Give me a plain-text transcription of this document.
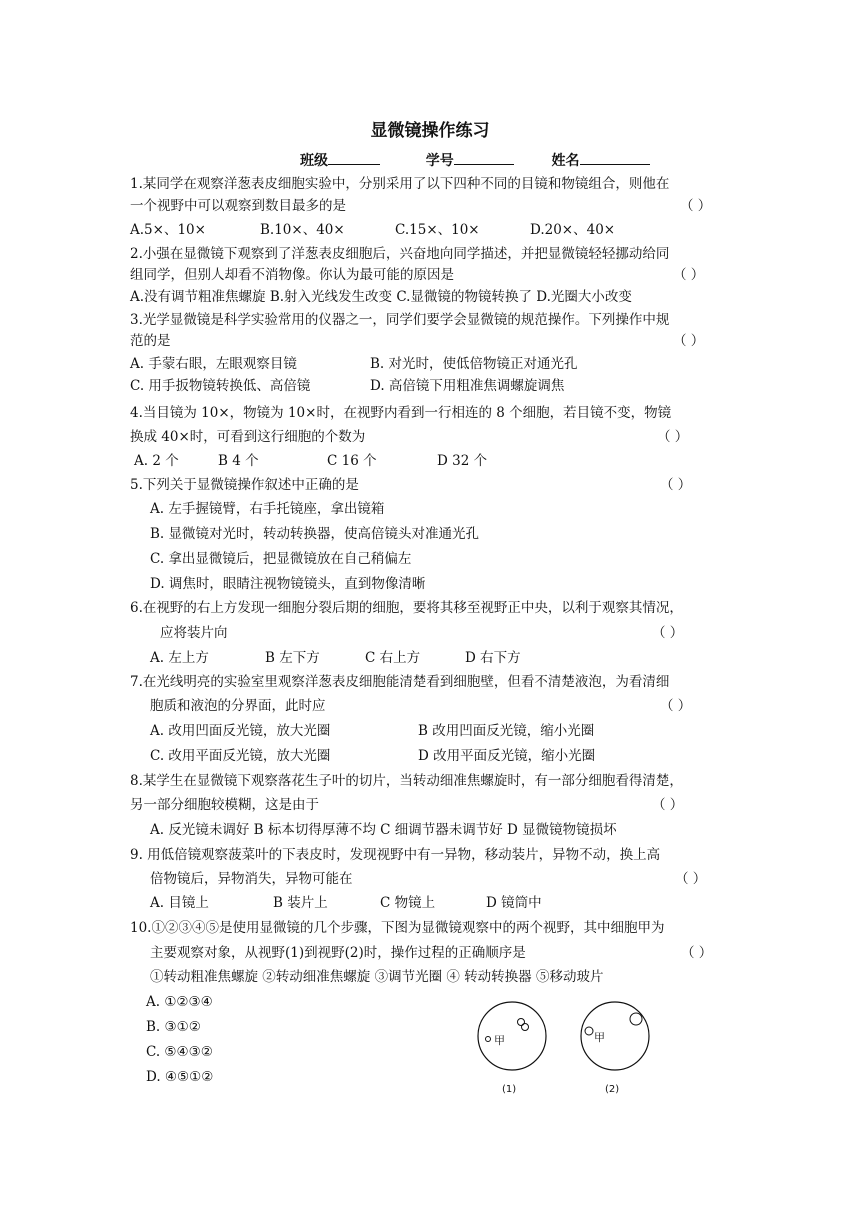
显微镜操作练习
班级	学号	姓名
1.某同学在观察洋葱表皮细胞实验中，分别采用了以下四种不同的目镜和物镜组合，则他在
一个视野中可以观察到数目最多的是	（ ）
A.5×、10×	B.10×、40×	C.15×、10×	D.20×、40×
2.小强在显微镜下观察到了洋葱表皮细胞后，兴奋地向同学描述，并把显微镜轻轻挪动给同
组同学，但别人却看不消物像。你认为最可能的原因是	（ ）
A.没有调节粗准焦螺旋 B.射入光线发生改变 C.显微镜的物镜转换了 D.光圈大小改变
3.光学显微镜是科学实验常用的仪器之一，同学们要学会显微镜的规范操作。下列操作中规
范的是	（ ）
A. 手蒙右眼，左眼观察目镜	B. 对光时，使低倍物镜正对通光孔
C. 用手扳物镜转换低、高倍镜	D. 高倍镜下用粗准焦调螺旋调焦
4.当目镜为 10×，物镜为 10×时，在视野内看到一行相连的 8 个细胞，若目镜不变，物镜
换成 40×时，可看到这行细胞的个数为	（ ）
A. 2 个	B 4 个	C 16 个	D 32 个
5.下列关于显微镜操作叙述中正确的是	（ ）
A. 左手握镜臂，右手托镜座，拿出镜箱
B. 显微镜对光时，转动转换器，使高倍镜头对准通光孔
C. 拿出显微镜后，把显微镜放在自己稍偏左
D. 调焦时，眼睛注视物镜镜头，直到物像清晰
6.在视野的右上方发现一细胞分裂后期的细胞，要将其移至视野正中央，以利于观察其情况，
应将装片向	（ ）
A. 左上方	B 左下方	C 右上方	D 右下方
7.在光线明亮的实验室里观察洋葱表皮细胞能清楚看到细胞壁，但看不清楚液泡，为看清细
胞质和液泡的分界面，此时应	（ ）
A. 改用凹面反光镜，放大光圈	B 改用凹面反光镜，缩小光圈
C. 改用平面反光镜，放大光圈	D 改用平面反光镜，缩小光圈
8.某学生在显微镜下观察落花生子叶的切片，当转动细准焦螺旋时，有一部分细胞看得清楚，
另一部分细胞较模糊，这是由于	（ ）
A. 反光镜未调好 B 标本切得厚薄不均 C 细调节器未调节好 D 显微镜物镜损坏
9. 用低倍镜观察菠菜叶的下表皮时，发现视野中有一异物，移动装片，异物不动，换上高
倍物镜后，异物消失，异物可能在	（ ）
A. 目镜上	B 装片上	C 物镜上	D 镜筒中
10.①②③④⑤是使用显微镜的几个步骤，下图为显微镜观察中的两个视野，其中细胞甲为
主要观察对象，从视野(1)到视野(2)时，操作过程的正确顺序是	（ ）
①转动粗准焦螺旋 ②转动细准焦螺旋 ③调节光圈 ④ 转动转换器 ⑤移动玻片
A. ①②③④
B. ③①②
C. ⑤④③②
D. ④⑤①②
甲
(1)
甲
(2)
